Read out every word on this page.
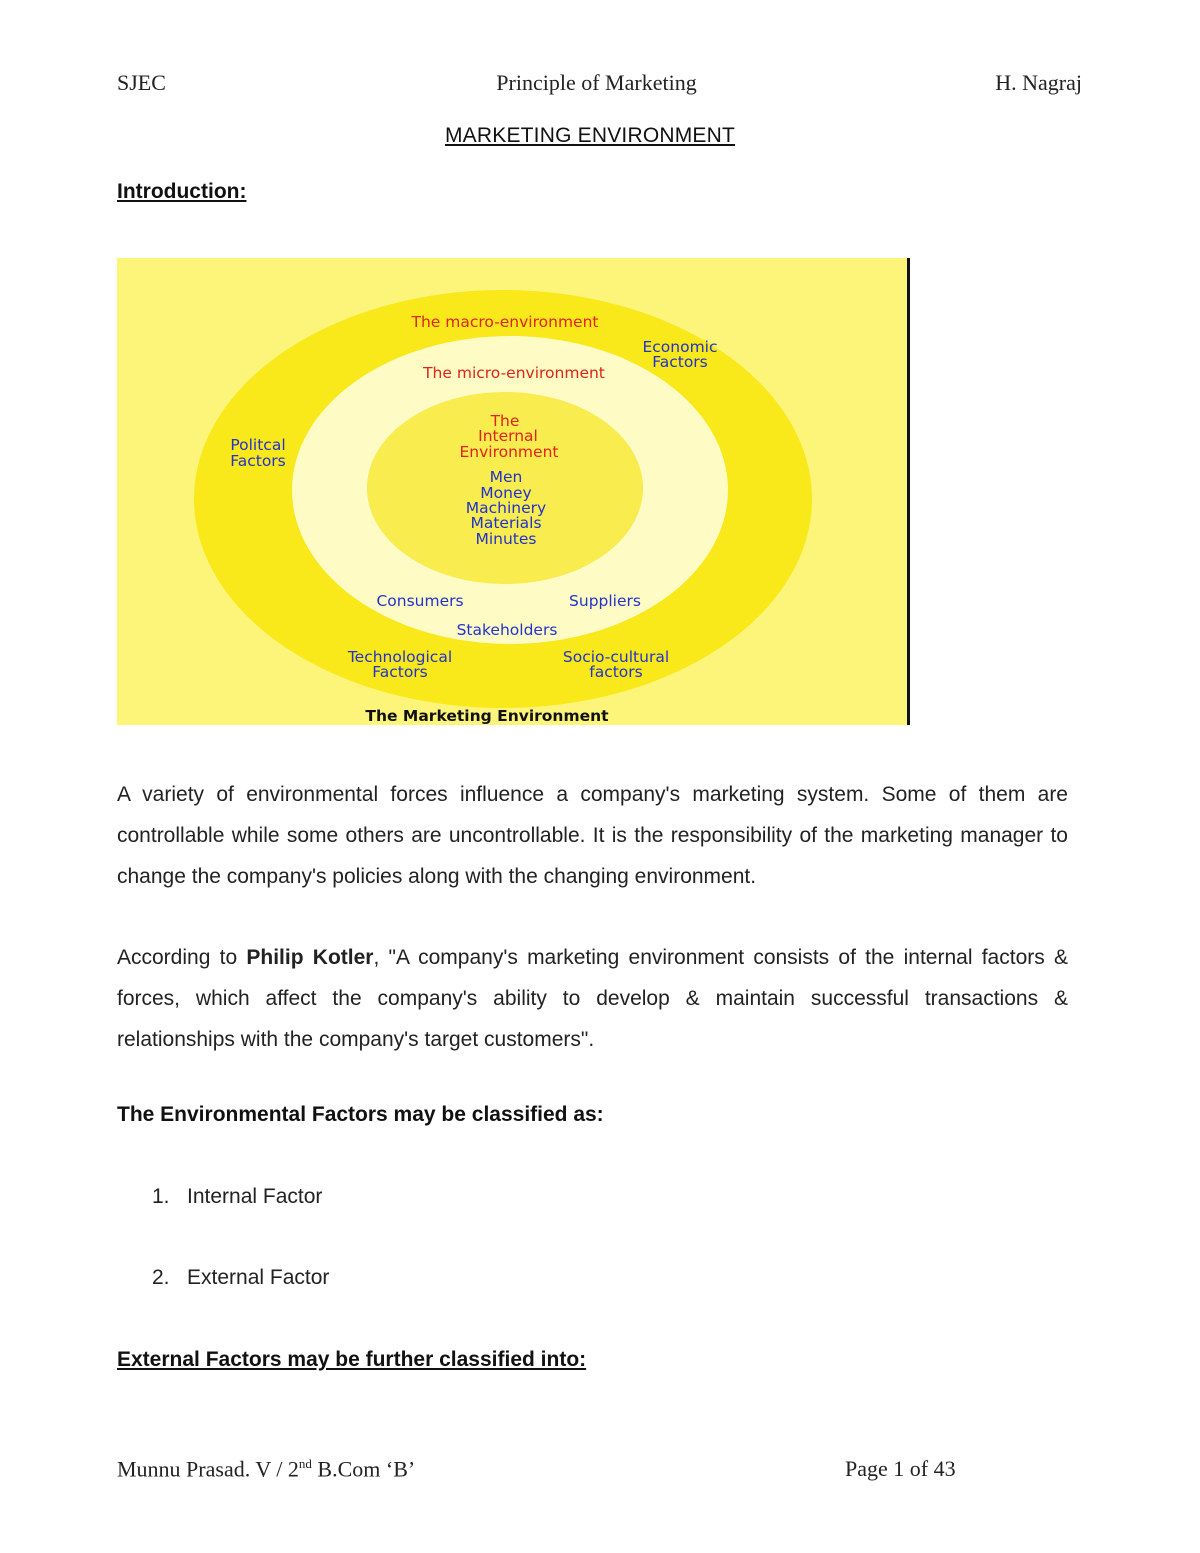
SJEC	Principle of Marketing	H. Nagraj
MARKETING ENVIRONMENT
Introduction:
The macro-environment
The micro-environment
The
Internal
Environment
Men
Money
Machinery
Materials
Minutes
Economic
Factors
Politcal
Factors
Consumers	Suppliers
Stakeholders
Technological
Factors
Socio-cultural
factors
The Marketing Environment

A variety of environmental forces influence a company's marketing system. Some of them are controllable while some others are uncontrollable. It is the responsibility of the marketing manager to change the company's policies along with the changing environment.

According to Philip Kotler, "A company's marketing environment consists of the internal factors & forces, which affect the company's ability to develop & maintain successful transactions & relationships with the company's target customers".

The Environmental Factors may be classified as:
1. Internal Factor
2. External Factor
External Factors may be further classified into:
Munnu Prasad. V / 2nd B.Com ‘B’	Page 1 of 43
